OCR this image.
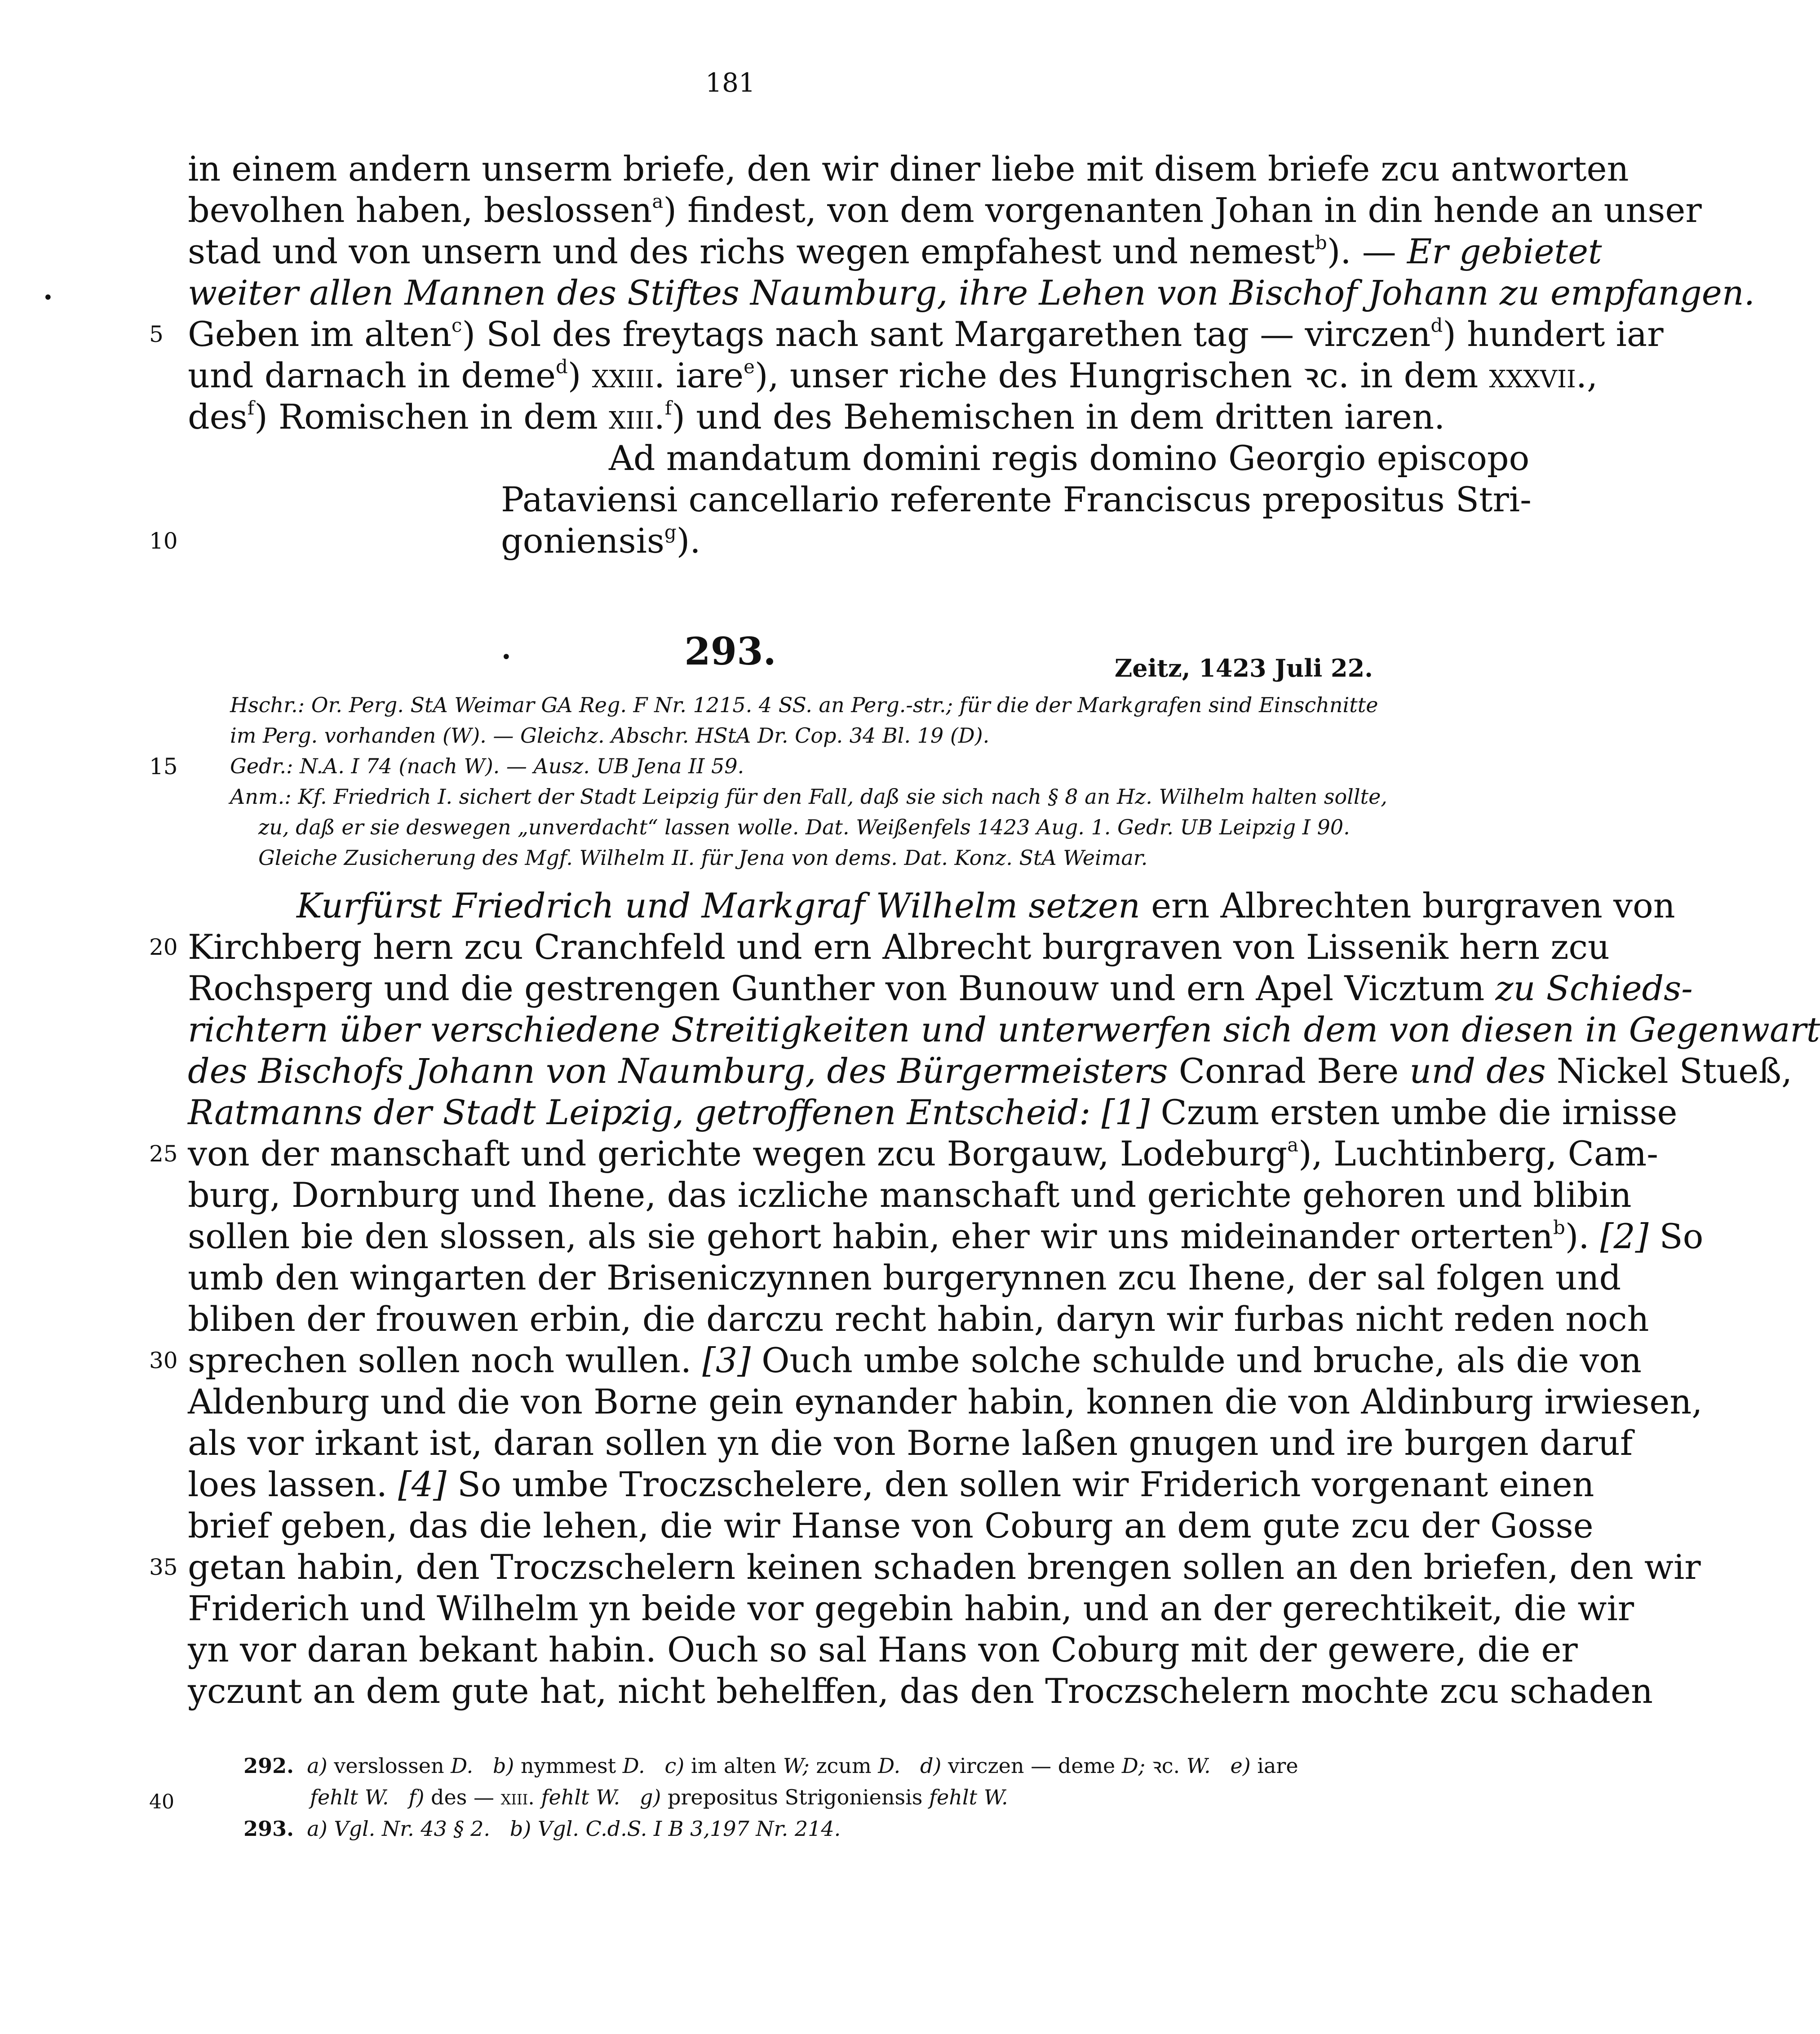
181
in einem andern unserm briefe, den wir diner liebe mit disem briefe zcu antworten
bevolhen haben, beslossen$^a$) findest, von dem vorgenanten Johan in din hende an unser
stad und von unsern und des richs wegen empfahest und nemest$^b$). — Er gebietet
weiter allen Mannen des Stiftes Naumburg, ihre Lehen von Bischof Johann zu empfangen.
•
5 Geben im alten$^c$) Sol des freytags nach sant Margarethen tag — virczen$^d$) hundert iar
und darnach in deme$^d$) xxiii. iare$^e$), unser riche des Hungrischen ꝛc. in dem xxxvii.,
des$^f$) Romischen in dem xiii.$^f$) und des Behemischen in dem dritten iaren.
Ad mandatum domini regis domino Georgio episcopo
Pataviensi cancellario referente Franciscus prepositus Stri-
10	goniensis$^g$).
293.
•	Zeitz, 1423 Juli 22.
Hschr.: Or. Perg. StA Weimar GA Reg. F Nr. 1215. 4 SS. an Perg.-str.; für die der Markgrafen sind Einschnitte
im Perg. vorhanden (W). — Gleichz. Abschr. HStA Dr. Cop. 34 Bl. 19 (D).
15	Gedr.: N.A. I 74 (nach W). — Ausz. UB Jena II 59.
Anm.: Kf. Friedrich I. sichert der Stadt Leipzig für den Fall, daß sie sich nach § 8 an Hz. Wilhelm halten sollte,
zu, daß er sie deswegen „unverdacht“ lassen wolle. Dat. Weißenfels 1423 Aug. 1. Gedr. UB Leipzig I 90.
Gleiche Zusicherung des Mgf. Wilhelm II. für Jena von dems. Dat. Konz. StA Weimar.
Kurfürst Friedrich und Markgraf Wilhelm setzen ern Albrechten burgraven von
20 Kirchberg hern zcu Cranchfeld und ern Albrecht burgraven von Lissenik hern zcu
Rochsperg und die gestrengen Gunther von Bunouw und ern Apel Vicztum zu Schieds-
richtern über verschiedene Streitigkeiten und unterwerfen sich dem von diesen in Gegenwart
des Bischofs Johann von Naumburg, des Bürgermeisters Conrad Bere und des Nickel Stueß,
Ratmanns der Stadt Leipzig, getroffenen Entscheid: [1] Czum ersten umbe die irnisse
25 von der manschaft und gerichte wegen zcu Borgauw, Lodeburg$^a$), Luchtinberg, Cam-
burg, Dornburg und Ihene, das iczliche manschaft und gerichte gehoren und blibin
sollen bie den slossen, als sie gehort habin, eher wir uns mideinander orterten$^b$). [2] So
umb den wingarten der Briseniczynnen burgerynnen zcu Ihene, der sal folgen und
bliben der frouwen erbin, die darczu recht habin, daryn wir furbas nicht reden noch
30 sprechen sollen noch wullen. [3] Ouch umbe solche schulde und bruche, als die von
Aldenburg und die von Borne gein eynander habin, konnen die von Aldinburg irwiesen,
als vor irkant ist, daran sollen yn die von Borne laßen gnugen und ire burgen daruf
loes lassen. [4] So umbe Troczschelere, den sollen wir Friderich vorgenant einen
brief geben, das die lehen, die wir Hanse von Coburg an dem gute zcu der Gosse
35 getan habin, den Troczschelern keinen schaden brengen sollen an den briefen, den wir
Friderich und Wilhelm yn beide vor gegebin habin, und an der gerechtikeit, die wir
yn vor daran bekant habin. Ouch so sal Hans von Coburg mit der gewere, die er
yczunt an dem gute hat, nicht behelffen, das den Troczschelern mochte zcu schaden
292. a) verslossen D. b) nymmest D. c) im alten W; zcum D. d) virczen — deme D; ꝛc. W. e) iare
40	fehlt W. f) des — xiii. fehlt W. g) prepositus Strigoniensis fehlt W.
293. a) Vgl. Nr. 43 § 2. b) Vgl. C.d.S. I B 3,197 Nr. 214.
